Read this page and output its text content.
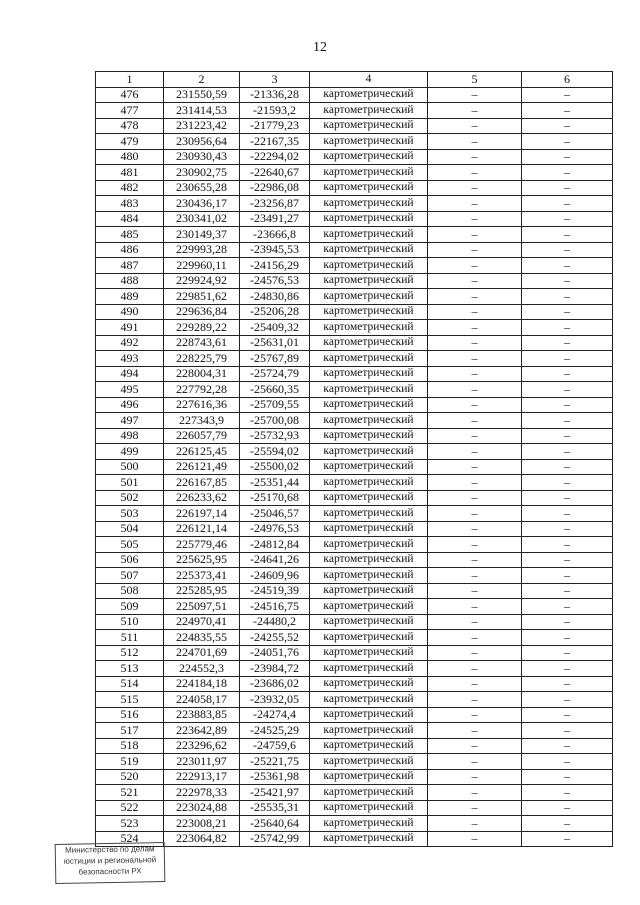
12
1	2	3	4	5	6
476	231550,59	-21336,28	картометрический	–	–
477	231414,53	-21593,2	картометрический	–	–
478	231223,42	-21779,23	картометрический	–	–
479	230956,64	-22167,35	картометрический	–	–
480	230930,43	-22294,02	картометрический	–	–
481	230902,75	-22640,67	картометрический	–	–
482	230655,28	-22986,08	картометрический	–	–
483	230436,17	-23256,87	картометрический	–	–
484	230341,02	-23491,27	картометрический	–	–
485	230149,37	-23666,8	картометрический	–	–
486	229993,28	-23945,53	картометрический	–	–
487	229960,11	-24156,29	картометрический	–	–
488	229924,92	-24576,53	картометрический	–	–
489	229851,62	-24830,86	картометрический	–	–
490	229636,84	-25206,28	картометрический	–	–
491	229289,22	-25409,32	картометрический	–	–
492	228743,61	-25631,01	картометрический	–	–
493	228225,79	-25767,89	картометрический	–	–
494	228004,31	-25724,79	картометрический	–	–
495	227792,28	-25660,35	картометрический	–	–
496	227616,36	-25709,55	картометрический	–	–
497	227343,9	-25700,08	картометрический	–	–
498	226057,79	-25732,93	картометрический	–	–
499	226125,45	-25594,02	картометрический	–	–
500	226121,49	-25500,02	картометрический	–	–
501	226167,85	-25351,44	картометрический	–	–
502	226233,62	-25170,68	картометрический	–	–
503	226197,14	-25046,57	картометрический	–	–
504	226121,14	-24976,53	картометрический	–	–
505	225779,46	-24812,84	картометрический	–	–
506	225625,95	-24641,26	картометрический	–	–
507	225373,41	-24609,96	картометрический	–	–
508	225285,95	-24519,39	картометрический	–	–
509	225097,51	-24516,75	картометрический	–	–
510	224970,41	-24480,2	картометрический	–	–
511	224835,55	-24255,52	картометрический	–	–
512	224701,69	-24051,76	картометрический	–	–
513	224552,3	-23984,72	картометрический	–	–
514	224184,18	-23686,02	картометрический	–	–
515	224058,17	-23932,05	картометрический	–	–
516	223883,85	-24274,4	картометрический	–	–
517	223642,89	-24525,29	картометрический	–	–
518	223296,62	-24759,6	картометрический	–	–
519	223011,97	-25221,75	картометрический	–	–
520	222913,17	-25361,98	картометрический	–	–
521	222978,33	-25421,97	картометрический	–	–
522	223024,88	-25535,31	картометрический	–	–
523	223008,21	-25640,64	картометрический	–	–
524	223064,82	-25742,99	картометрический	–	–
Министерство по делам
юстиции и региональной
безопасности РХ
